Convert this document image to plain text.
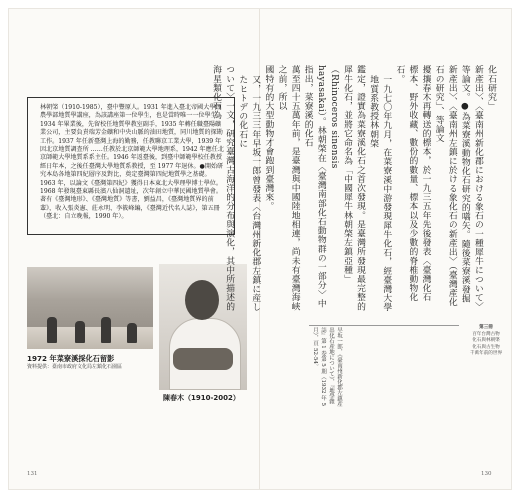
林朝棨（1910-1985），臺中豐原人。1931 年進入臺北帝國大學理農學部地質學講座，為該講座第一位學生，也是當時唯一一位學生。1934 年畢業後，先留校任地質學教室副手，1935 年轉任職臺陽礦業公司，主要負責瑞芳金礦和中央山脈的油田地質，同川地質的探勘工作。1937 年任新臺灣上海的勤務，任教聯京工業大學，1939 年因北京地質調查所 ……任教於北京師範大學地理系，1942 年應任北京師範大學地質系系主任。1946 年返臺後，到臺中師範學校任教授經日年本，之後任臺灣大學地質系教授，至 1977 年退休。●開始研究本島各地第四紀層序及對比，奠定臺灣第四紀地質學之基礎。1963 年，以論文《臺灣第四紀》獲得日本東北大學理學博士學位。1968 年發現臺東縣長濱八仙洞遺址，次年創立中華民國地質學會。著有《臺灣地形》、《臺灣地質》等書，劉益昌，《臺灣地質界的前輩》，收入張炎憲、莊永明、李筱峰編，《臺灣近代名人誌》，第五冊（臺北：自立晚報，1990 年）。

1972 年菜寮溪採化石留影
資料提供：臺南市政府文化局左鎮化石園區
陳春木（1910-2002）
131
化石研究」
新產出〉、〈臺南州新化郡における象石の一種犀牛について〉等論文。●為菜寮溪動物化石研究的嚆矢。隨後菜寮溪發掘
新產出〉、〈臺南州左鎮に於ける象化石の新產出〉（臺灣產化石の研究」、等論文
擾攘春木再轉送的標本，於一九三五年先後發表〈臺灣化石
標本、野外收藏、數份的數量、標本以及少數的脊椎動物化石。
一九七〇年九月，在菜寮溪中游發現犀牛化石，經臺灣大學地質系教授林朝棨
鑑定，證實為菜寮溪化石之首次發現。是臺灣所發現最完整的
犀牛化石，並將它命名為「中國犀牛林朝棨左鎮亞種」（Rhinoceros sinensis
hayasakai）。林朝棨在〈臺灣南部化石動物群の一部分〉中指出，菜寮溪的化石
萬至四十五萬年前，是臺灣與中國陸地相連，尚未有臺灣海峽之前，所以
國特有的大型動物才會跑到臺灣來。
又，一九三三年早坂一郎曾發表〈台灣州新化郡左鎮に産したヒトデの化石に
ついて〉一文，研究臺灣古海洋的分布與演化，其中所描述的海星類化石為
早坂一郎，《臺南州新化郡左鎮産出化石産地について》，『地學雜誌』第 1 卷第 5 期（1932 年 5 月），頁 52-54。	第三冊
百年台灣古物
化石與林朝棨
化石與古生物
千萬年前的世界
130
